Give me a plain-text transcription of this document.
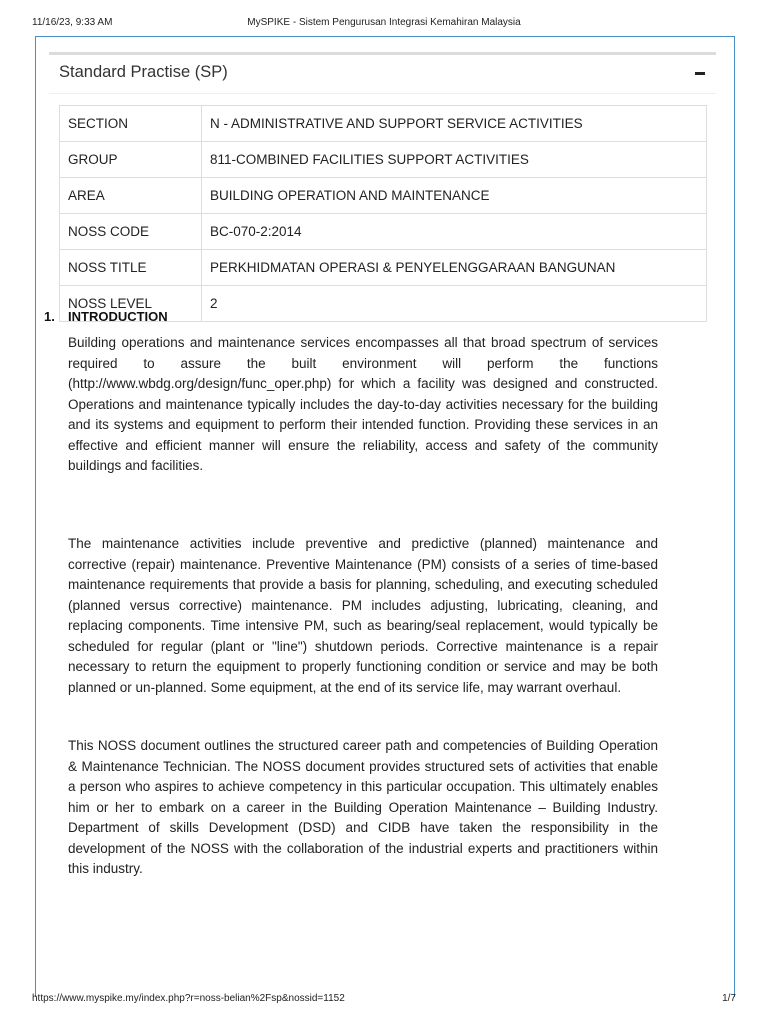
11/16/23, 9:33 AM	MySPIKE - Sistem Pengurusan Integrasi Kemahiran Malaysia
Standard Practise (SP)
SECTION	N - ADMINISTRATIVE AND SUPPORT SERVICE ACTIVITIES
GROUP	811-COMBINED FACILITIES SUPPORT ACTIVITIES
AREA	BUILDING OPERATION AND MAINTENANCE
NOSS CODE	BC-070-2:2014
NOSS TITLE	PERKHIDMATAN OPERASI & PENYELENGGARAAN BANGUNAN
NOSS LEVEL	2
1. INTRODUCTION

Building operations and maintenance services encompasses all that broad spectrum of services required to assure the built environment will perform the functions (http://www.wbdg.org/design/func_oper.php) for which a facility was designed and constructed. Operations and maintenance typically includes the day-to-day activities necessary for the building and its systems and equipment to perform their intended function. Providing these services in an effective and efficient manner will ensure the reliability, access and safety of the community buildings and facilities.

The maintenance activities include preventive and predictive (planned) maintenance and corrective (repair) maintenance. Preventive Maintenance (PM) consists of a series of time-based maintenance requirements that provide a basis for planning, scheduling, and executing scheduled (planned versus corrective) maintenance. PM includes adjusting, lubricating, cleaning, and replacing components. Time intensive PM, such as bearing/seal replacement, would typically be scheduled for regular (plant or "line") shutdown periods. Corrective maintenance is a repair necessary to return the equipment to properly functioning condition or service and may be both planned or un-planned. Some equipment, at the end of its service life, may warrant overhaul.

This NOSS document outlines the structured career path and competencies of Building Operation & Maintenance Technician. The NOSS document provides structured sets of activities that enable a person who aspires to achieve competency in this particular occupation. This ultimately enables him or her to embark on a career in the Building Operation Maintenance – Building Industry. Department of skills Development (DSD) and CIDB have taken the responsibility in the development of the NOSS with the collaboration of the industrial experts and practitioners within this industry.

https://www.myspike.my/index.php?r=noss-belian%2Fsp&nossid=1152	1/7
